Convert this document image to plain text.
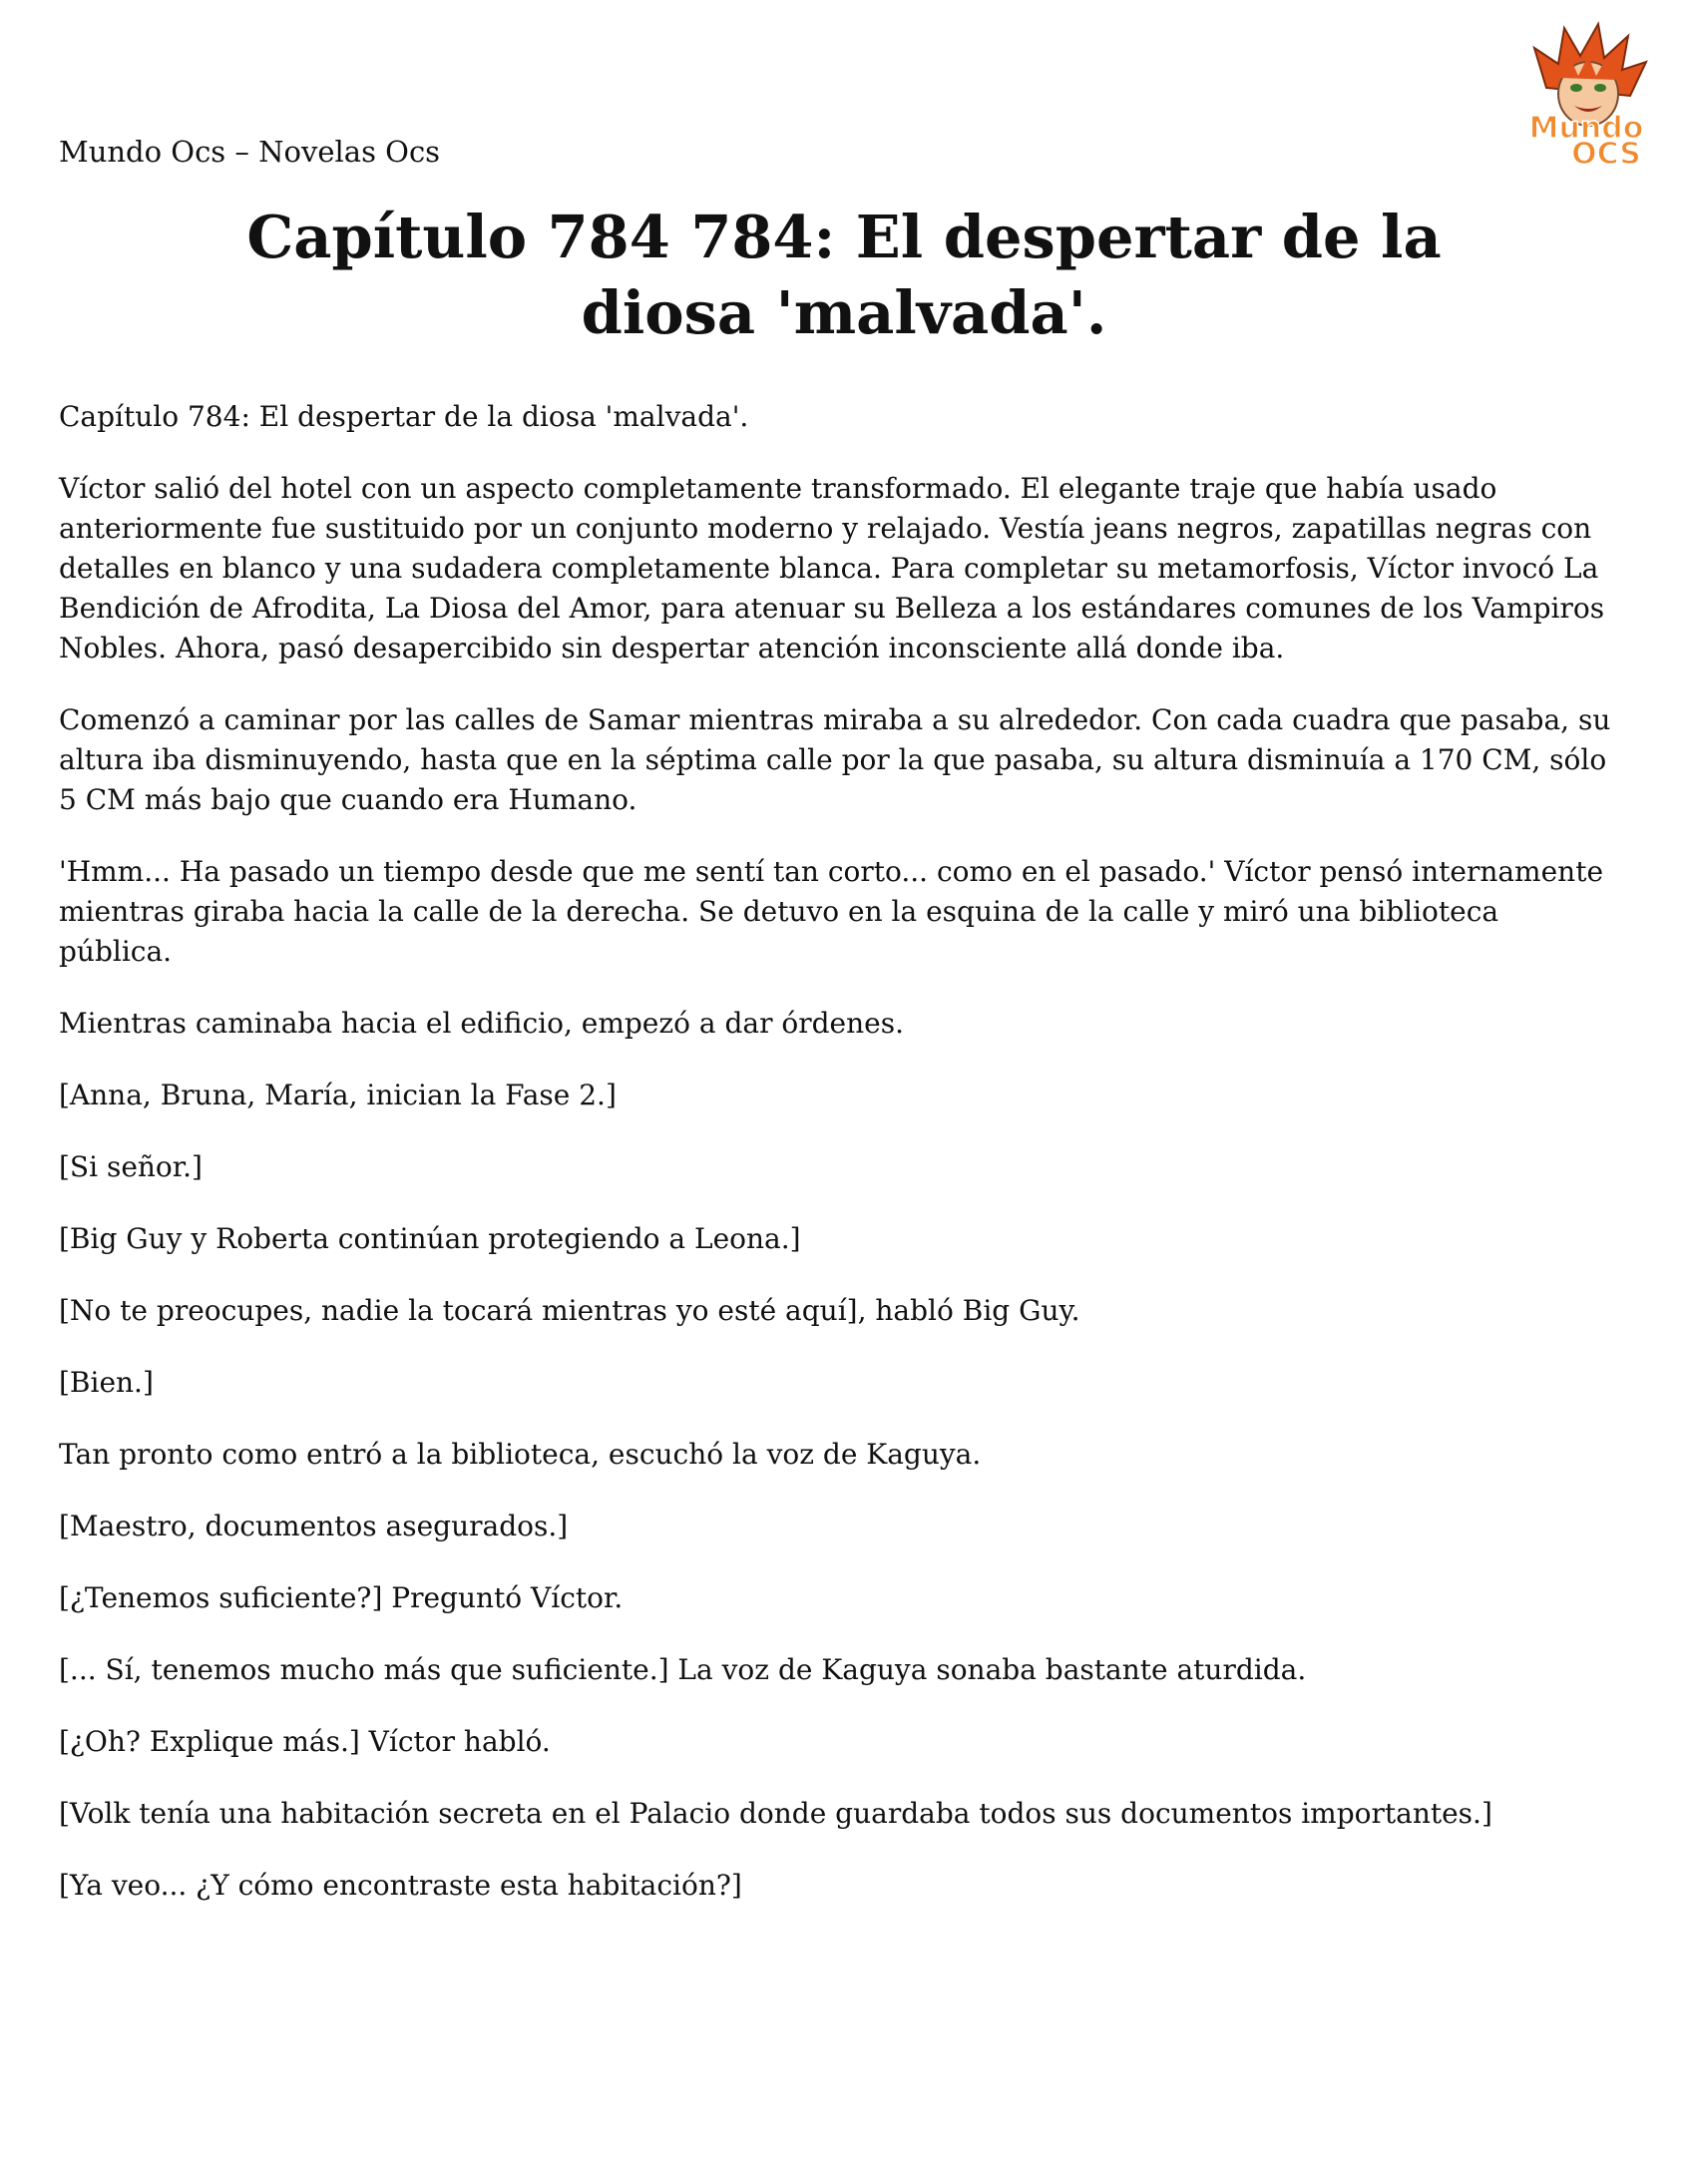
Mundo Ocs – Novelas Ocs
Mundo
OCS
Capítulo 784 784: El despertar de la diosa 'malvada'.

Capítulo 784: El despertar de la diosa 'malvada'.

Víctor salió del hotel con un aspecto completamente transformado. El elegante traje que había usado anteriormente fue sustituido por un conjunto moderno y relajado. Vestía jeans negros, zapatillas negras con detalles en blanco y una sudadera completamente blanca. Para completar su metamorfosis, Víctor invocó La Bendición de Afrodita, La Diosa del Amor, para atenuar su Belleza a los estándares comunes de los Vampiros Nobles. Ahora, pasó desapercibido sin despertar atención inconsciente allá donde iba.

Comenzó a caminar por las calles de Samar mientras miraba a su alrededor. Con cada cuadra que pasaba, su altura iba disminuyendo, hasta que en la séptima calle por la que pasaba, su altura disminuía a 170 CM, sólo 5 CM más bajo que cuando era Humano.

'Hmm... Ha pasado un tiempo desde que me sentí tan corto... como en el pasado.' Víctor pensó internamente mientras giraba hacia la calle de la derecha. Se detuvo en la esquina de la calle y miró una biblioteca pública.

Mientras caminaba hacia el edificio, empezó a dar órdenes.

[Anna, Bruna, María, inician la Fase 2.]

[Si señor.]

[Big Guy y Roberta continúan protegiendo a Leona.]

[No te preocupes, nadie la tocará mientras yo esté aquí], habló Big Guy.

[Bien.]

Tan pronto como entró a la biblioteca, escuchó la voz de Kaguya.

[Maestro, documentos asegurados.]

[¿Tenemos suficiente?] Preguntó Víctor.

[... Sí, tenemos mucho más que suficiente.] La voz de Kaguya sonaba bastante aturdida.

[¿Oh? Explique más.] Víctor habló.

[Volk tenía una habitación secreta en el Palacio donde guardaba todos sus documentos importantes.]

[Ya veo... ¿Y cómo encontraste esta habitación?]
